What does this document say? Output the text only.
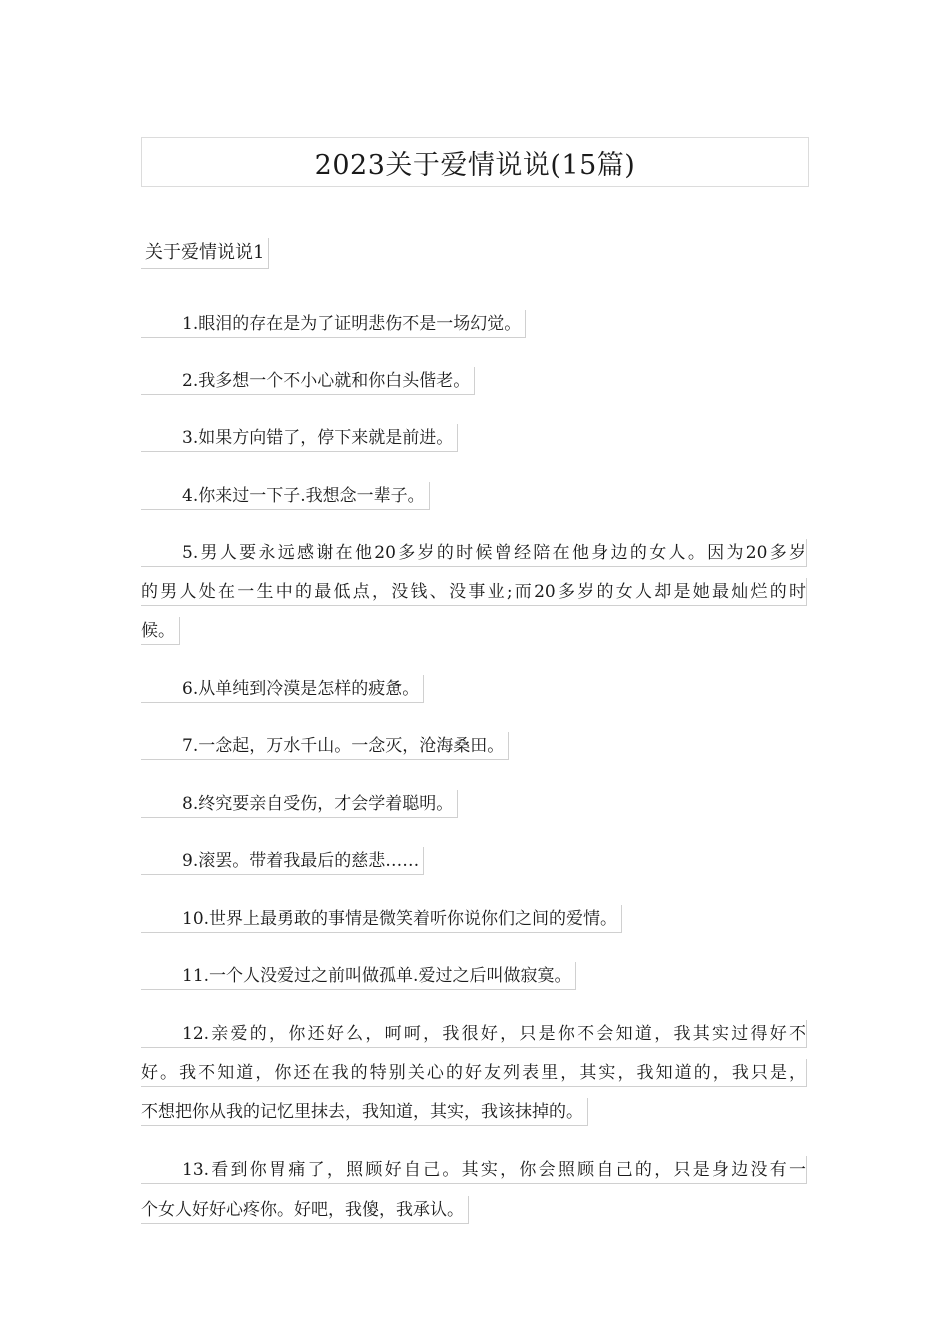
2023关于爱情说说(15篇)
关于爱情说说1
1.眼泪的存在是为了证明悲伤不是一场幻觉。
2.我多想一个不小心就和你白头偕老。
3.如果方向错了，停下来就是前进。
4.你来过一下子.我想念一辈子。
5.男人要永远感谢在他20多岁的时候曾经陪在他身边的女人。因为20多岁
的男人处在一生中的最低点，没钱、没事业;而20多岁的女人却是她最灿烂的时
候。
6.从单纯到冷漠是怎样的疲惫。
7.一念起，万水千山。一念灭，沧海桑田。
8.终究要亲自受伤，才会学着聪明。
9.滚罢。带着我最后的慈悲……
10.世界上最勇敢的事情是微笑着听你说你们之间的爱情。
11.一个人没爱过之前叫做孤单.爱过之后叫做寂寞。
12.亲爱的，你还好么，呵呵，我很好，只是你不会知道，我其实过得好不
好。我不知道，你还在我的特别关心的好友列表里，其实，我知道的，我只是，
不想把你从我的记忆里抹去，我知道，其实，我该抹掉的。
13.看到你胃痛了，照顾好自己。其实，你会照顾自己的，只是身边没有一
个女人好好心疼你。好吧，我傻，我承认。
